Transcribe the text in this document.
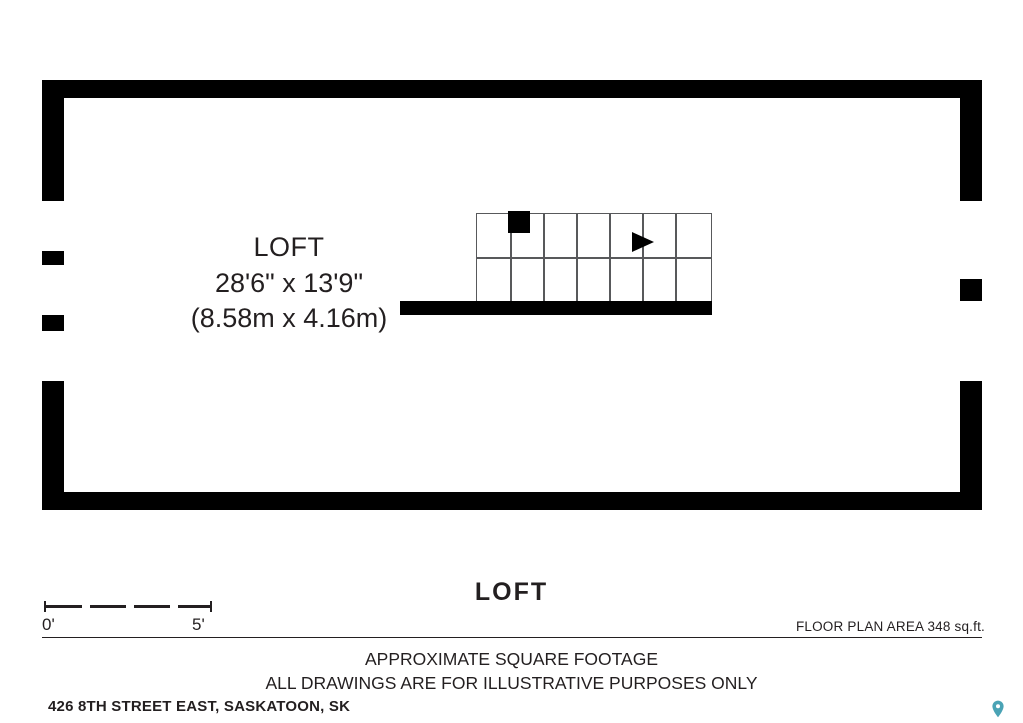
LOFT
28'6" x 13'9"
(8.58m x 4.16m)
LOFT
0'	5'	FLOOR PLAN AREA 348 sq.ft.
APPROXIMATE SQUARE FOOTAGE
ALL DRAWINGS ARE FOR ILLUSTRATIVE PURPOSES ONLY
426 8TH STREET EAST, SASKATOON, SK
